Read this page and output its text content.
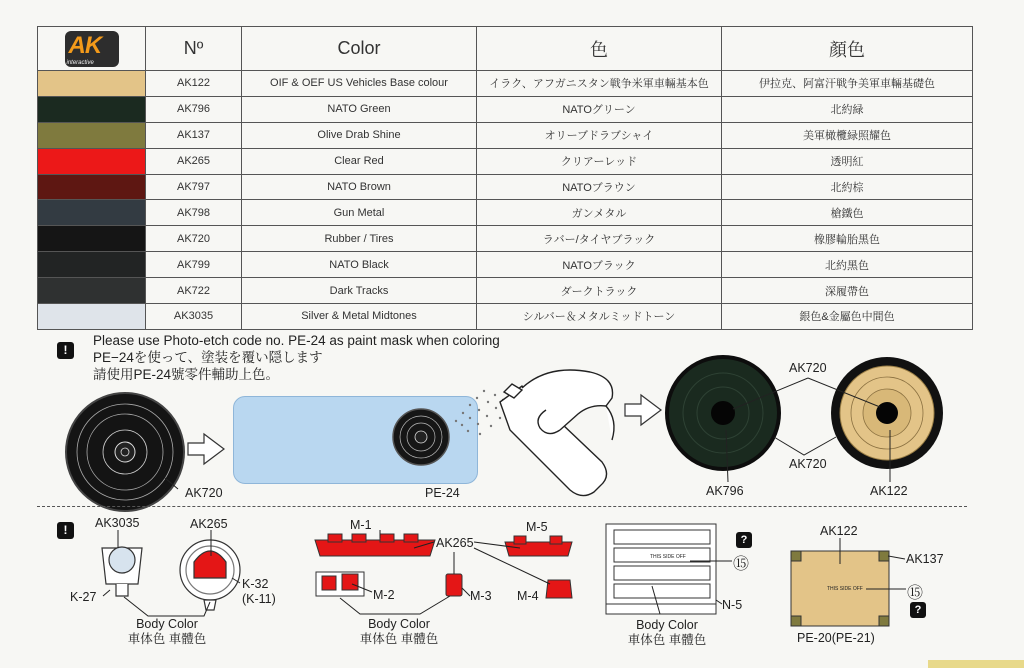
AK
interactive	Nº	Color	色	顏色
	AK122	OIF & OEF US Vehicles Base colour	イラク、アフガニスタン戦争米軍車輛基本色	伊拉克、阿富汗戦争美軍車輛基礎色
	AK796	NATO Green	NATOグリーン	北約緑
	AK137	Olive Drab Shine	オリーブドラブシャイ	美軍橄欖緑照耀色
	AK265	Clear Red	クリアーレッド	透明紅
	AK797	NATO Brown	NATOブラウン	北約棕
	AK798	Gun Metal	ガンメタル	槍鐵色
	AK720	Rubber / Tires	ラバー/タイヤブラック	橡膠輪胎黑色
	AK799	NATO Black	NATOブラック	北約黑色
	AK722	Dark Tracks	ダークトラック	深履帶色
	AK3035	Silver & Metal Midtones	シルバー＆メタルミッドトーン	銀色&金屬色中間色
!
Please use Photo-etch code no. PE-24 as paint mask when coloring
PE−24を使って、塗装を覆い隠します
請使用PE-24號零件輔助上色。
AK720	PE-24
AK720
AK720
AK796	AK122
!	AK3035	AK265
K-27
K-32
(K-11)
Body Color
車体色 車體色
M-1	M-5
AK265
M-2	M-3 M-4
Body Color
車体色 車體色
?
THIS SIDE OFF	⑮
N-5
Body Color
車体色 車體色
AK122
AK137
THIS SIDE OFF	⑮
?
PE-20(PE-21)
